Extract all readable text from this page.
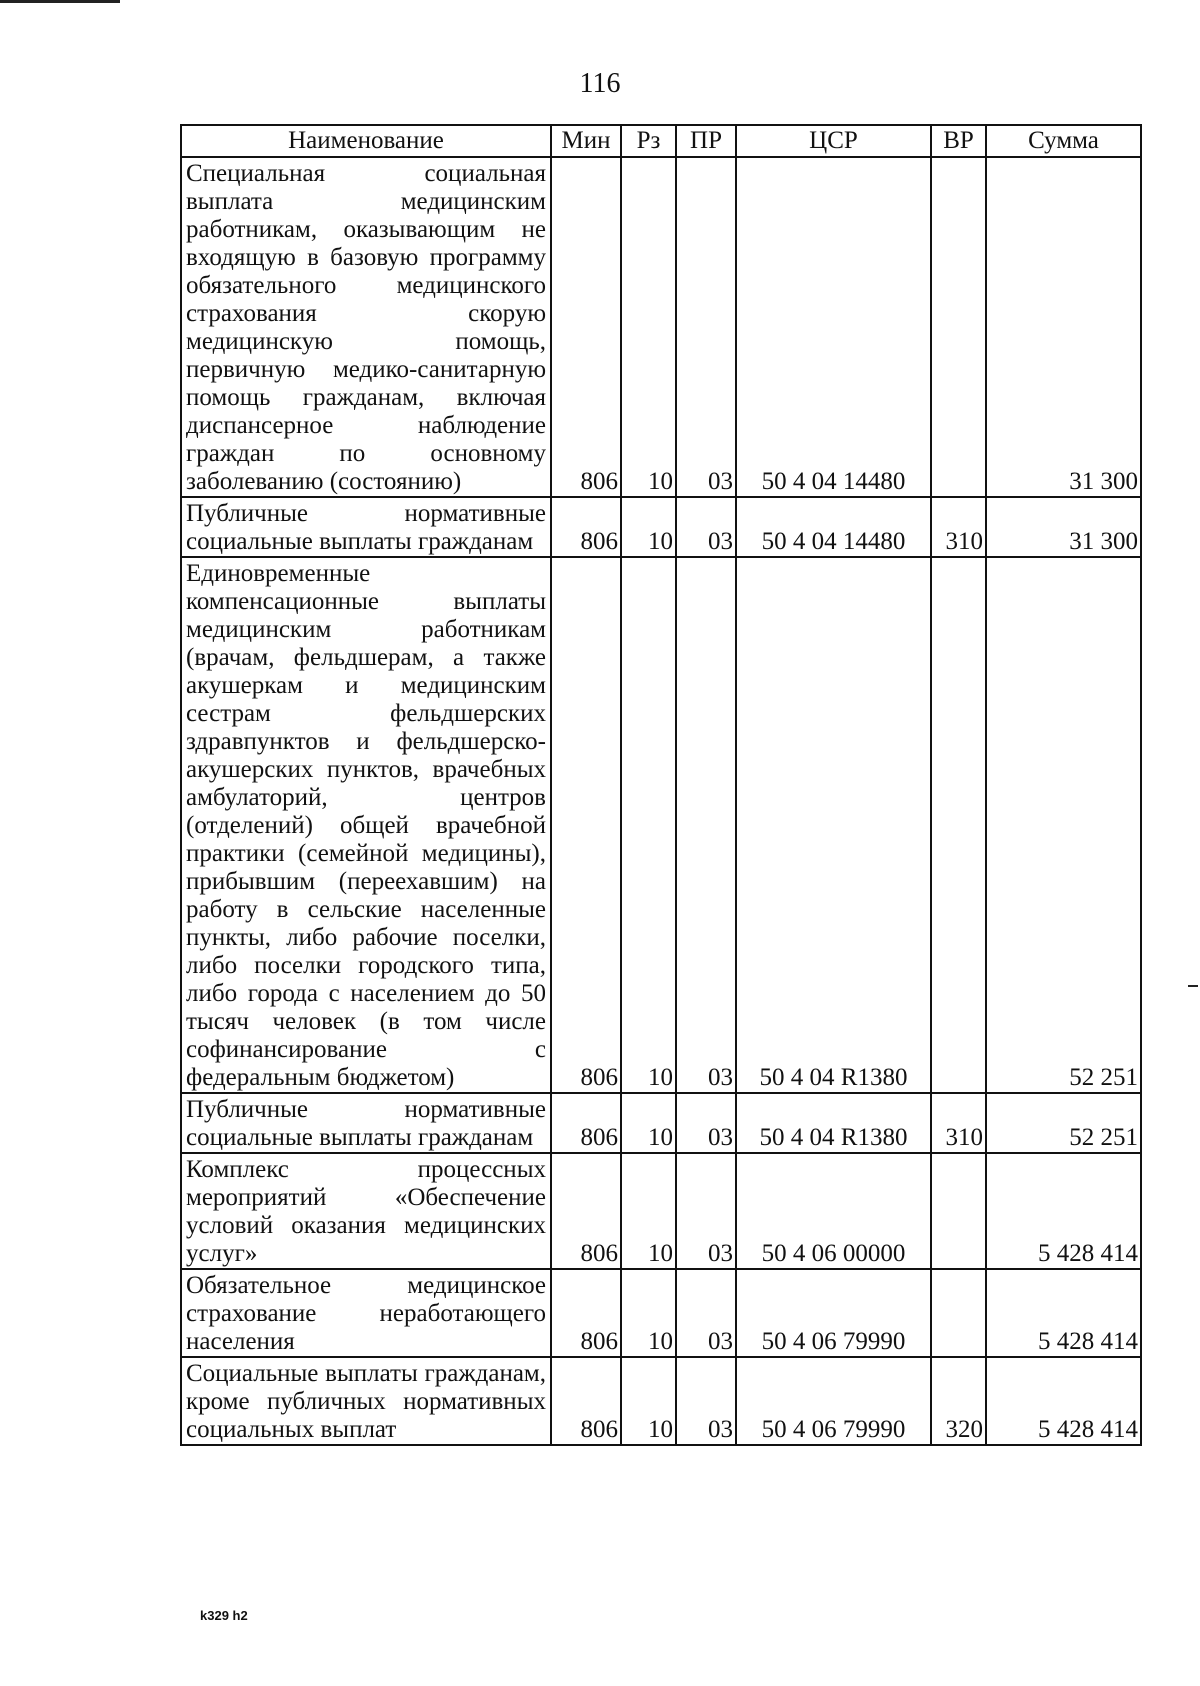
116
Наименование	Мин	Рз	ПР	ЦСР	ВР	Сумма
Специальная социальная выплата медицинским работникам, оказывающим не входящую в базовую программу обязательного медицинского страхования скорую медицинскую помощь, первичную медико-санитарную помощь гражданам, включая диспансерное наблюдение граждан по основному заболеванию (состоянию)	806	10	03	50 4 04 14480		31 300
Публичные нормативные социальные выплаты гражданам	806	10	03	50 4 04 14480	310	31 300
Единовременные компенсационные выплаты медицинским работникам (врачам, фельдшерам, а также акушеркам и медицинским сестрам фельдшерских здравпунктов и фельдшерско-акушерских пунктов, врачебных амбулаторий, центров (отделений) общей врачебной практики (семейной медицины), прибывшим (переехавшим) на работу в сельские населенные пункты, либо рабочие поселки, либо поселки городского типа, либо города с населением до 50 тысяч человек (в том числе софинансирование с федеральным бюджетом)	806	10	03	50 4 04 R1380		52 251
Публичные нормативные социальные выплаты гражданам	806	10	03	50 4 04 R1380	310	52 251
Комплекс процессных мероприятий «Обеспечение условий оказания медицинских услуг»	806	10	03	50 4 06 00000		5 428 414
Обязательное медицинское страхование неработающего населения	806	10	03	50 4 06 79990		5 428 414
Социальные выплаты гражданам, кроме публичных нормативных социальных выплат	806	10	03	50 4 06 79990	320	5 428 414
k329 h2
